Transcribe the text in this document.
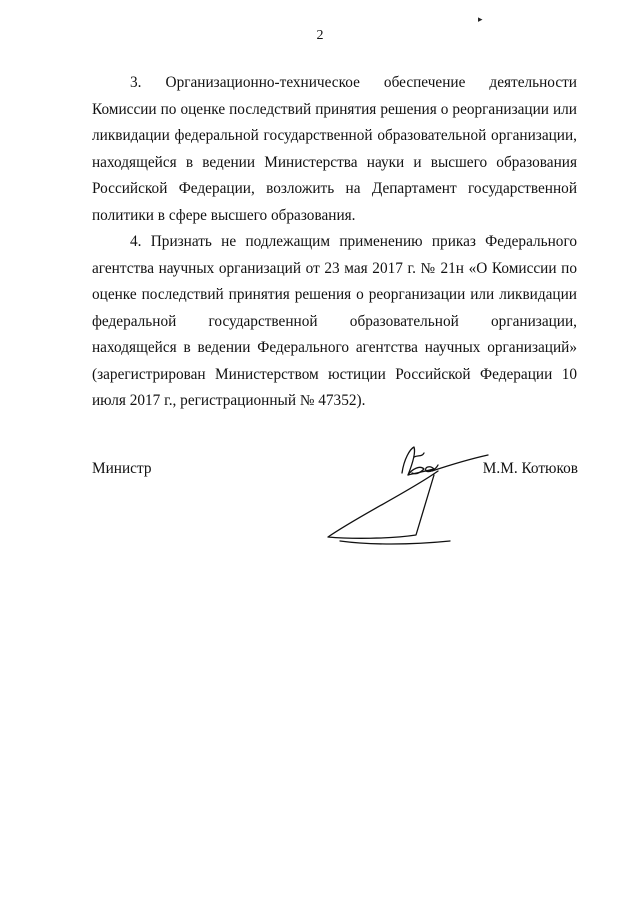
2
▸

3. Организационно-техническое обеспечение деятельности Комиссии по оценке последствий принятия решения о реорганизации или ликвидации федеральной государственной образовательной организации, находящейся в ведении Министерства науки и высшего образования Российской Федерации, возложить на Департамент государственной политики в сфере высшего образования.

4. Признать не подлежащим применению приказ Федерального агентства научных организаций от 23 мая 2017 г. № 21н «О Комиссии по оценке последствий принятия решения о реорганизации или ликвидации федеральной государственной образовательной организации, находящейся в ведении Федерального агентства научных организаций» (зарегистрирован Министерством юстиции Российской Федерации 10 июля 2017 г., регистрационный № 47352).

Министр	М.М. Котюков
